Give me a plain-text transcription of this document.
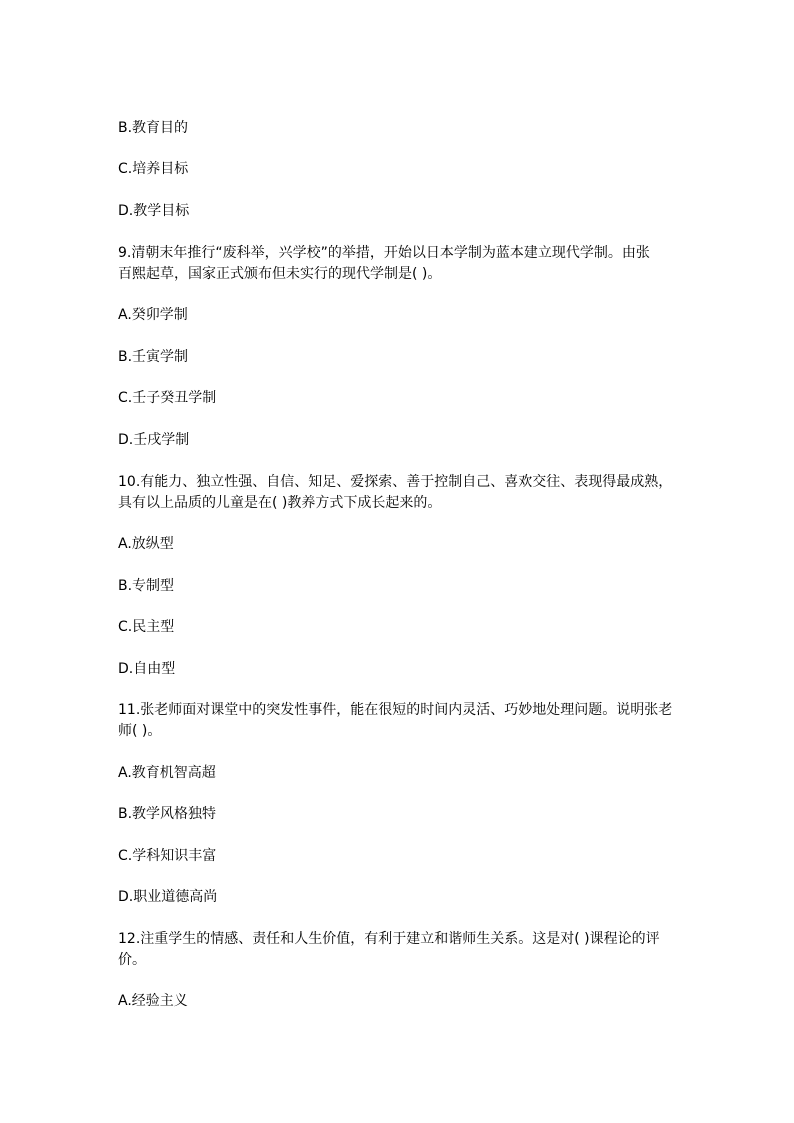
B.教育目的
C.培养目标
D.教学目标
9.清朝末年推行“废科举，兴学校”的举措，开始以日本学制为蓝本建立现代学制。由张
百熙起草，国家正式颁布但未实行的现代学制是( )。
A.癸卯学制
B.壬寅学制
C.壬子癸丑学制
D.壬戌学制
10.有能力、独立性强、自信、知足、爱探索、善于控制自己、喜欢交往、表现得最成熟，
具有以上品质的儿童是在( )教养方式下成长起来的。
A.放纵型
B.专制型
C.民主型
D.自由型
11.张老师面对课堂中的突发性事件，能在很短的时间内灵活、巧妙地处理问题。说明张老
师( )。
A.教育机智高超
B.教学风格独特
C.学科知识丰富
D.职业道德高尚
12.注重学生的情感、责任和人生价值，有利于建立和谐师生关系。这是对( )课程论的评
价。
A.经验主义
